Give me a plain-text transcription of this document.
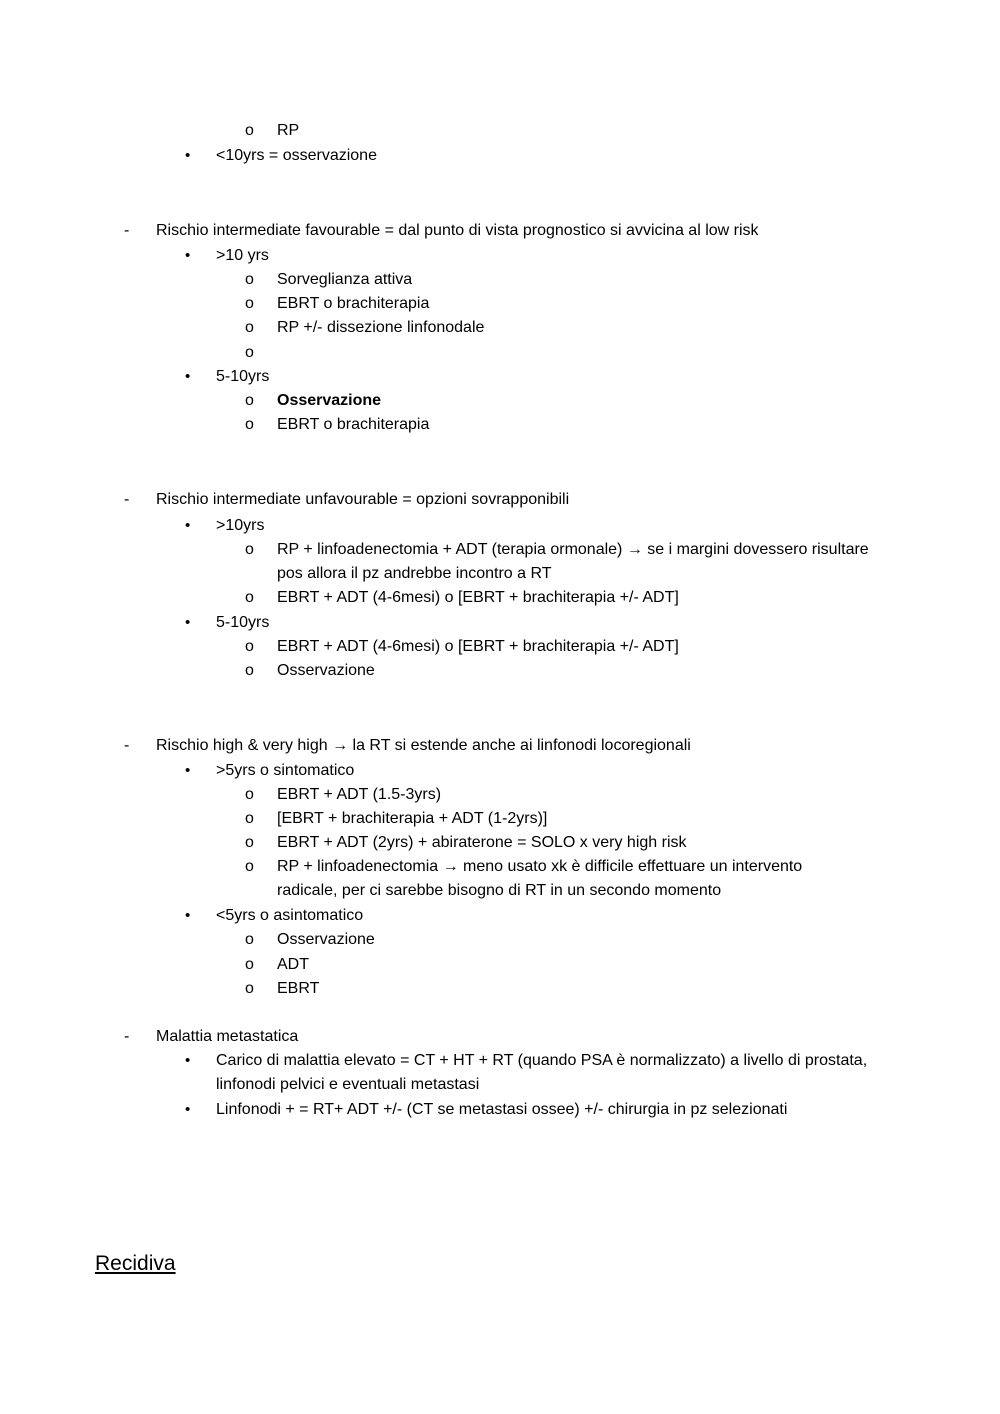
o RP
• <10yrs = osservazione
- Rischio intermediate favourable = dal punto di vista prognostico si avvicina al low risk
• >10 yrs
o Sorveglianza attiva
o EBRT o brachiterapia
o RP +/- dissezione linfonodale
o
• 5-10yrs
o Osservazione
o EBRT o brachiterapia
- Rischio intermediate unfavourable = opzioni sovrapponibili
• >10yrs
o RP + linfoadenectomia + ADT (terapia ormonale) → se i margini dovessero risultare
pos allora il pz andrebbe incontro a RT
o EBRT + ADT (4-6mesi) o [EBRT + brachiterapia +/- ADT]
• 5-10yrs
o EBRT + ADT (4-6mesi) o [EBRT + brachiterapia +/- ADT]
o Osservazione
- Rischio high & very high → la RT si estende anche ai linfonodi locoregionali
• >5yrs o sintomatico
o EBRT + ADT (1.5-3yrs)
o [EBRT + brachiterapia + ADT (1-2yrs)]
o EBRT + ADT (2yrs) + abiraterone = SOLO x very high risk
o RP + linfoadenectomia → meno usato xk è difficile effettuare un intervento
radicale, per ci sarebbe bisogno di RT in un secondo momento
• <5yrs o asintomatico
o Osservazione
o ADT
o EBRT
- Malattia metastatica
• Carico di malattia elevato = CT + HT + RT (quando PSA è normalizzato) a livello di prostata,
linfonodi pelvici e eventuali metastasi
• Linfonodi + = RT+ ADT +/- (CT se metastasi ossee) +/- chirurgia in pz selezionati
Recidiva
